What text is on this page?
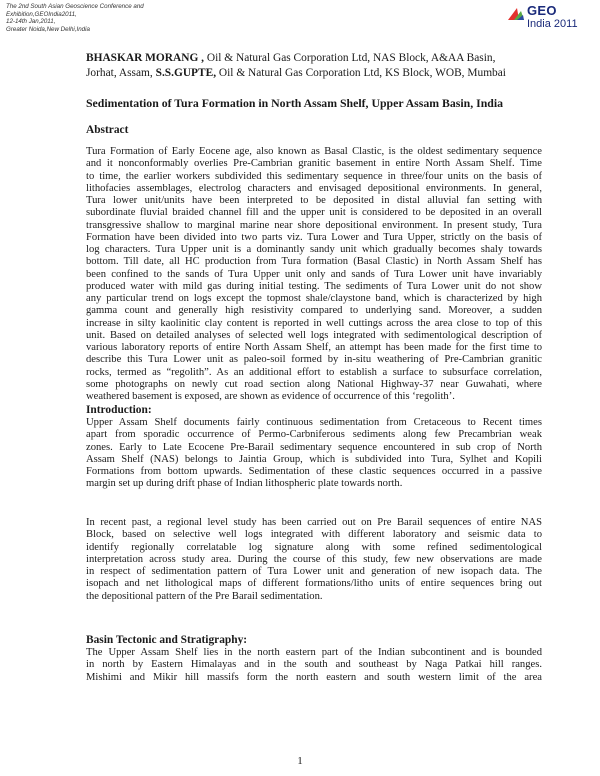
The 2nd South Asian Geoscience Conference and
Exhibition,GEOIndia2011,
12-14th Jan,2011,
Greater Noida,New Delhi,India
GEO
India 2011
BHASKAR MORANG , Oil & Natural Gas Corporation Ltd, NAS Block, A&AA Basin,
Jorhat, Assam, S.S.GUPTE, Oil & Natural Gas Corporation Ltd, KS Block, WOB, Mumbai
Sedimentation of Tura Formation in North Assam Shelf, Upper Assam Basin, India
Abstract
Tura Formation of Early Eocene age, also known as Basal Clastic, is the oldest sedimentary sequence
and it nonconformably overlies Pre-Cambrian granitic basement in entire North Assam Shelf. Time
to time, the earlier workers subdivided this sedimentary sequence in three/four units on the basis of
lithofacies assemblages, electrolog characters and envisaged depositional environments. In general,
Tura lower unit/units have been interpreted to be deposited in distal alluvial fan setting with
subordinate fluvial braided channel fill and the upper unit is considered to be deposited in an overall
transgressive shallow to marginal marine near shore depositional environment. In present study, Tura
Formation have been divided into two parts viz. Tura Lower and Tura Upper, strictly on the basis of
log characters. Tura Upper unit is a dominantly sandy unit which gradually becomes shaly towards
bottom. Till date, all HC production from Tura formation (Basal Clastic) in North Assam Shelf has
been confined to the sands of Tura Upper unit only and sands of Tura Lower unit have invariably
produced water with mild gas during initial testing. The sediments of Tura Lower unit do not show
any particular trend on logs except the topmost shale/claystone band, which is characterized by high
gamma count and generally high resistivity compared to underlying sand. Moreover, a sudden
increase in silty kaolinitic clay content is reported in well cuttings across the area close to top of this
unit. Based on detailed analyses of selected well logs integrated with sedimentological description of
various laboratory reports of entire North Assam Shelf, an attempt has been made for the first time to
describe this Tura Lower unit as paleo-soil formed by in-situ weathering of Pre-Cambrian granitic
rocks, termed as “regolith”. As an additional effort to establish a surface to subsurface correlation,
some photographs on newly cut road section along National Highway-37 near Guwahati, where
weathered basement is exposed, are shown as evidence of occurrence of this ‘regolith’.
Introduction:
Upper Assam Shelf documents fairly continuous sedimentation from Cretaceous to Recent times
apart from sporadic occurrence of Permo-Carbniferous sediments along few Precambrian weak
zones. Early to Late Ecocene Pre-Barail sedimentary sequence encountered in sub crop of North
Assam Shelf (NAS) belongs to Jaintia Group, which is subdivided into Tura, Sylhet and Kopili
Formations from bottom upwards. Sedimentation of these clastic sequences occurred in a passive
margin set up during drift phase of Indian lithospheric plate towards north.
In recent past, a regional level study has been carried out on Pre Barail sequences of entire NAS
Block, based on selective well logs integrated with different laboratory and seismic data to
identify regionally correlatable log signature along with some refined sedimentological
interpretation across study area. During the course of this study, few new observations are made
in respect of sedimentation pattern of Tura Lower unit and generation of new isopach data. The
isopach and net lithological maps of different formations/litho units of entire sequences bring out
the depositional pattern of the Pre Barail sedimentation.
Basin Tectonic and Stratigraphy:
The Upper Assam Shelf lies in the north eastern part of the Indian subcontinent and is bounded
in north by Eastern Himalayas and in the south and southeast by Naga Patkai hill ranges.
Mishimi and Mikir hill massifs form the north eastern and south western limit of the area
1
